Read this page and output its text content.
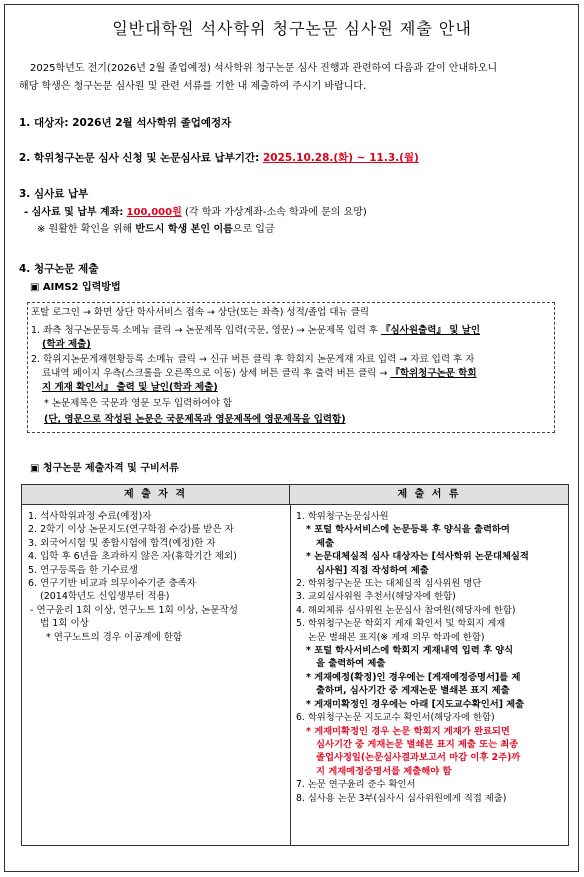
일반대학원 석사학위 청구논문 심사원 제출 안내
2025학년도 전기(2026년 2월 졸업예정) 석사학위 청구논문 심사 진행과 관련하여 다음과 같이 안내하오니
해당 학생은 청구논문 심사원 및 관련 서류를 기한 내 제출하여 주시기 바랍니다.
1. 대상자: 2026년 2월 석사학위 졸업예정자
2. 학위청구논문 심사 신청 및 논문심사료 납부기간: 2025.10.28.(화) ~ 11.3.(월)
3. 심사료 납부
- 심사료 및 납부 계좌: 100,000원 (각 학과 가상계좌-소속 학과에 문의 요망)
※ 원활한 확인을 위해 반드시 학생 본인 이름으로 입금
4. 청구논문 제출
▣ AIMS2 입력방법
포탈 로그인 → 화면 상단 학사서비스 접속 → 상단(또는 좌측) 성적/졸업 대뉴 클릭
1. 좌측 청구논문등록 소메뉴 클릭 → 논문제목 입력(국문, 영문) → 논문제목 입력 후 『심사원출력』 및 날인
(학과 제출)
2. 학위지논문게재현황등록 소메뉴 클릭 → 신규 버튼 클릭 후 학회지 논문게재 자료 입력 → 자료 입력 후 자
료내역 페이지 우측(스크롤을 오른쪽으로 이동) 상세 버튼 클릭 후 출력 버튼 클릭 → 『학위청구논문 학회
지 게재 확인서』 출력 및 날인(학과 제출)
* 논문제목은 국문과 영문 모두 입력하여야 함
(단, 영문으로 작성된 논문은 국문제목과 영문제목에 영문제목을 입력함)
▣ 청구논문 제출자격 및 구비서류
제 출 자 격	제 출 서 류
1. 석사학위과정 수료(예정)자
2. 2학기 이상 논문지도(연구학점 수강)를 받은 자
3. 외국어시험 및 종합시험에 합격(예정)한 자
4. 입학 후 6년을 초과하지 않은 자(휴학기간 제외)
5. 연구등록을 한 기수료생
6. 연구기반 비교과 의무이수기준 충족자
(2014학년도 신입생부터 적용)
- 연구윤리 1회 이상, 연구노트 1회 이상, 논문작성
법 1회 이상
* 연구노트의 경우 이공계에 한함
1. 학위청구논문심사원
* 포털 학사서비스에 논문등록 후 양식을 출력하여
제출
* 논문대체실적 심사 대상자는 [석사학위 논문대체실적
심사원] 직접 작성하여 제출
2. 학위청구논문 또는 대체실적 심사위원 명단
3. 교외심사위원 추천서(해당자에 한함)
4. 해외체류 심사위원 논문심사 참여원(해당자에 한함)
5. 학위청구논문 학회지 게재 확인서 및 학회지 게재
논문 별쇄본 표지(※ 게재 의무 학과에 한함)
* 포털 학사서비스에 학회지 게재내역 입력 후 양식
을 출력하여 제출
* 게재예정(확정)인 경우에는 [게재예정증명서]를 제
출하며, 심사기간 중 게재논문 별쇄본 표지 제출
* 게재미확정인 경우에는 아래 [지도교수확인서] 제출
6. 학위청구논문 지도교수 확인서(해당자에 한함)
* 게재미확정인 경우 논문 학회지 게재가 완료되면
심사기간 중 게재논문 별쇄본 표지 제출 또는 최종
졸업사정일(논문심사결과보고서 마감 이후 2주)까
지 게재예정증명서를 제출해야 함
7. 논문 연구윤리 준수 확인서
8. 심사용 논문 3부(심사시 심사위원에게 직접 제출)
